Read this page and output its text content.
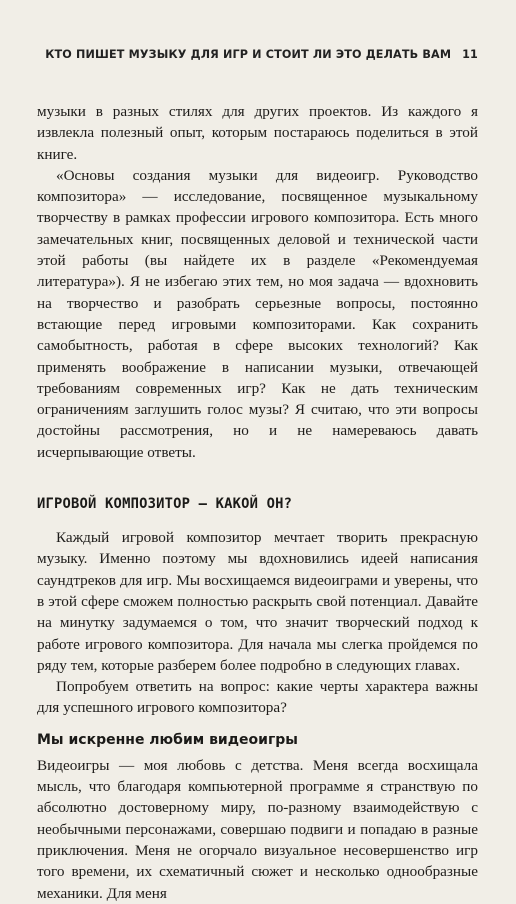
КТО ПИШЕТ МУЗЫКУ ДЛЯ ИГР И СТОИТ ЛИ ЭТО ДЕЛАТЬ ВАМ 11

музыки в разных стилях для других проектов. Из каждого я извлекла полезный опыт, которым постараюсь поделиться в этой книге.

«Основы создания музыки для видеоигр. Руководство композитора» — исследование, посвященное музыкальному творчеству в рамках профессии игрового композитора. Есть много замечательных книг, посвященных деловой и технической части этой работы (вы найдете их в разделе «Рекомендуемая литература»). Я не избегаю этих тем, но моя задача — вдохновить на творчество и разобрать серьезные вопросы, постоянно встающие перед игровыми композиторами. Как сохранить самобытность, работая в сфере высоких технологий? Как применять воображение в написании музыки, отвечающей требованиям современных игр? Как не дать техническим ограничениям заглушить голос музы? Я считаю, что эти вопросы достойны рассмотрения, но и не намереваюсь давать исчерпывающие ответы.

ИГРОВОЙ КОМПОЗИТОР – КАКОЙ ОН?

Каждый игровой композитор мечтает творить прекрасную музыку. Именно поэтому мы вдохновились идеей написания саундтреков для игр. Мы восхищаемся видеоиграми и уверены, что в этой сфере сможем полностью раскрыть свой потенциал. Давайте на минутку задумаемся о том, что значит творческий подход к работе игрового композитора. Для начала мы слегка пройдемся по ряду тем, которые разберем более подробно в следующих главах.

Попробуем ответить на вопрос: какие черты характера важны для успешного игрового композитора?

Мы искренне любим видеоигры

Видеоигры — моя любовь с детства. Меня всегда восхищала мысль, что благодаря компьютерной программе я странствую по абсолютно достоверному миру, по-разному взаимодействую с необычными персонажами, совершаю подвиги и попадаю в разные приключения. Меня не огорчало визуальное несовершенство игр того времени, их схематичный сюжет и несколько однообразные механики. Для меня
